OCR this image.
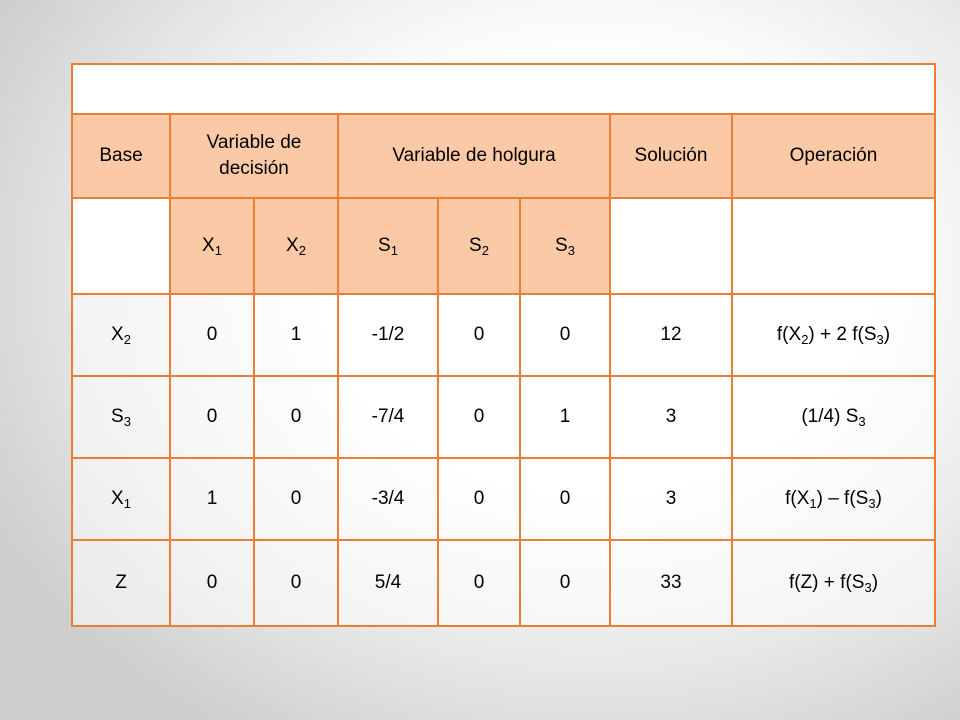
Base	Variable de decisión		Variable de holgura			Solución	Operación
	$X_1$	$X_2$	$S_1$	$S_2$	$S_3$		
$X_2$	0	1	-1/2	0	0	12	$f(X_2) + 2$ $f(S_3)$
$S_3$	0	0	-7/4	0	1	3	(1/4) $S_3$
$X_1$	1	0	-3/4	0	0	3	$f(X_1) - f(S_3)$
Z	0	0	5/4	0	0	33	$f(Z) + f(S_3)$
